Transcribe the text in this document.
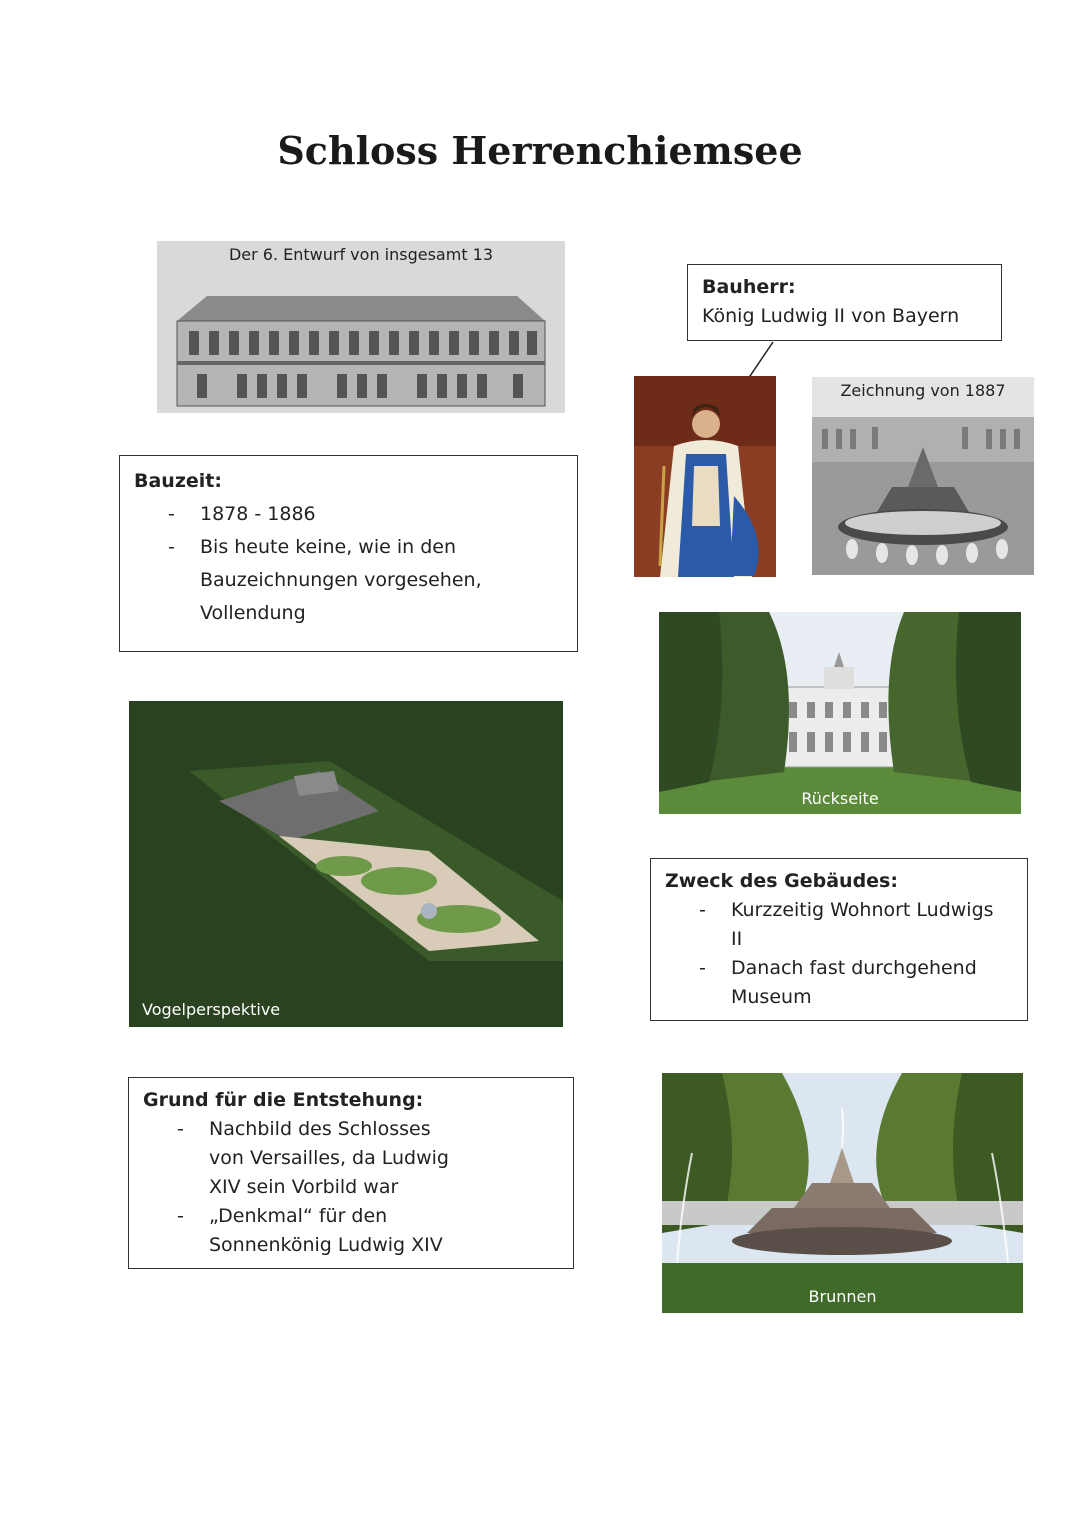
Schloss Herrenchiemsee
Der 6. Entwurf von insgesamt 13
Bauherr:
König Ludwig II von Bayern
Zeichnung von 1887
Bauzeit:
- 1878 - 1886
- Bis heute keine, wie in den Bauzeichnungen vorgesehen, Vollendung
Rückseite
Vogelperspektive
Zweck des Gebäudes:
- Kurzzeitig Wohnort Ludwigs II
- Danach fast durchgehend Museum
Grund für die Entstehung:
- Nachbild des Schlosses von Versailles, da Ludwig XIV sein Vorbild war
- „Denkmal“ für den Sonnenkönig Ludwig XIV
Brunnen
